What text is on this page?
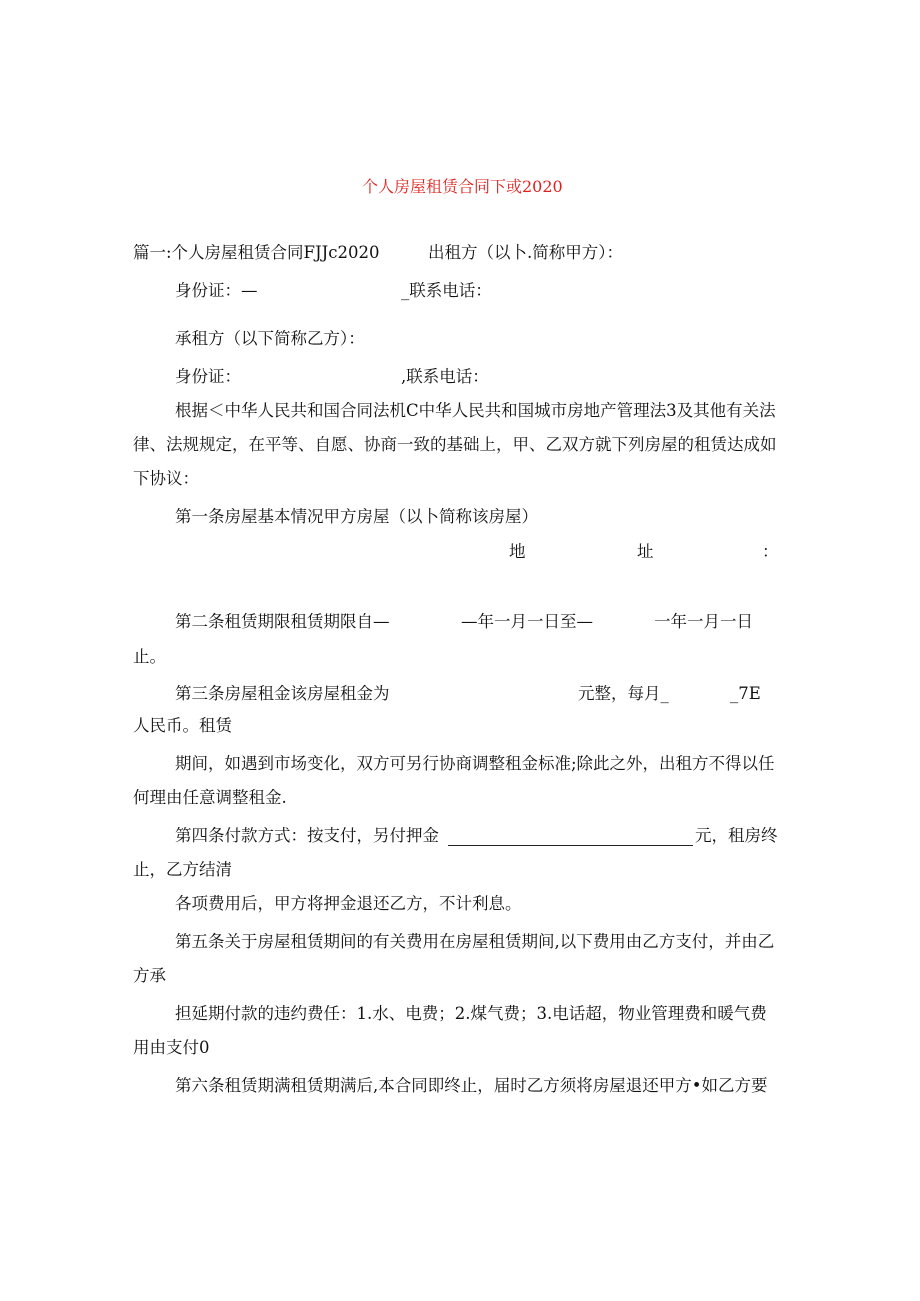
个人房屋租赁合同下或2020
篇一:个人房屋租赁合同FJJc2020	出租方（以卜.简称甲方）：
身份证：—	_联系电话：
承租方（以下简称乙方）：
身份证：	,联系电话：
根据＜中华人民共和国合同法机C中华人民共和国城市房地产管理法3及其他有关法
律、法规规定，在平等、自愿、协商一致的基础上，甲、乙双方就下列房屋的租赁达成如
下协议：
第一条房屋基本情况甲方房屋（以卜简称该房屋）
地	址	：
第二条租赁期限租赁期限自—	—年一月一日至—	一年一月一日
止。
第三条房屋租金该房屋租金为	元整，每月_	_7E
人民币。租赁
期间，如遇到市场变化，双方可另行协商调整租金标准;除此之外，出租方不得以任
何理由任意调整租金.
第四条付款方式：按支付，另付押金	元，租房终
止，乙方结清
各项费用后，甲方将押金退还乙方，不计利息。
第五条关于房屋租赁期间的有关费用在房屋租赁期间,以下费用由乙方支付，并由乙
方承
担延期付款的违约费任：1.水、电费；2.煤气费；3.电话超，物业管理费和暖气费
用由支付0
第六条租赁期满租赁期满后,本合同即终止，届时乙方须将房屋退还甲方•如乙方要
